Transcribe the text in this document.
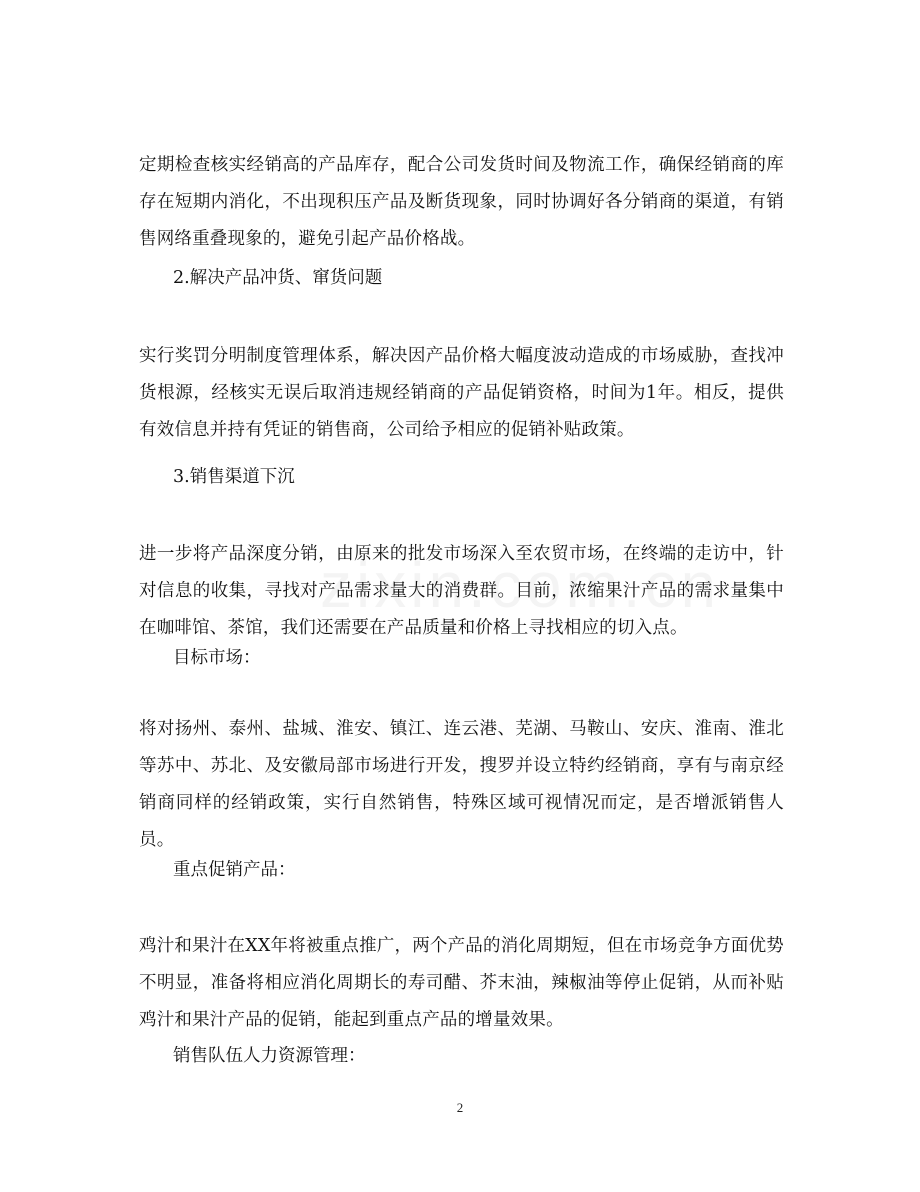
定期检查核实经销高的产品库存，配合公司发货时间及物流工作，确保经销商的库存在短期内消化，不出现积压产品及断货现象，同时协调好各分销商的渠道，有销售网络重叠现象的，避免引起产品价格战。

2.解决产品冲货、窜货问题

实行奖罚分明制度管理体系，解决因产品价格大幅度波动造成的市场威胁，查找冲货根源，经核实无误后取消违规经销商的产品促销资格，时间为1年。相反，提供有效信息并持有凭证的销售商，公司给予相应的促销补贴政策。

3.销售渠道下沉

进一步将产品深度分销，由原来的批发市场深入至农贸市场，在终端的走访中，针对信息的收集，寻找对产品需求量大的消费群。目前，浓缩果汁产品的需求量集中在咖啡馆、茶馆，我们还需要在产品质量和价格上寻找相应的切入点。

目标市场：

将对扬州、泰州、盐城、淮安、镇江、连云港、芜湖、马鞍山、安庆、淮南、淮北等苏中、苏北、及安徽局部市场进行开发，搜罗并设立特约经销商，享有与南京经销商同样的经销政策，实行自然销售，特殊区域可视情况而定，是否增派销售人员。

重点促销产品：

鸡汁和果汁在XX年将被重点推广，两个产品的消化周期短，但在市场竞争方面优势不明显，准备将相应消化周期长的寿司醋、芥末油，辣椒油等停止促销，从而补贴鸡汁和果汁产品的促销，能起到重点产品的增量效果。

销售队伍人力资源管理：

2
